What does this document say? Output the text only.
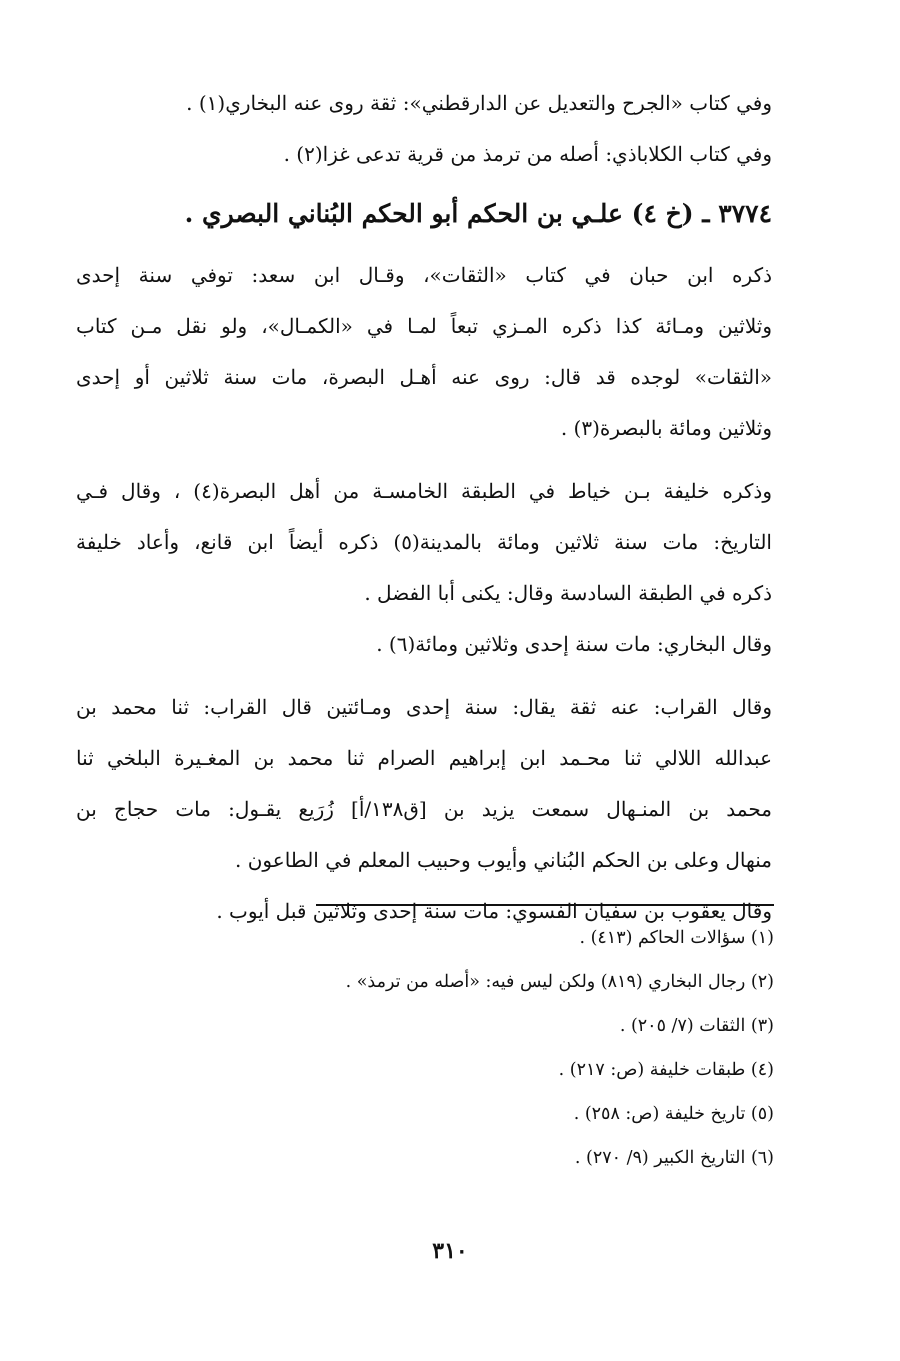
وفي كتاب «الجرح والتعديل عن الدارقطني»: ثقة روى عنه البخاري(١) .
وفي كتاب الكلاباذي: أصله من ترمذ من قرية تدعى غزا(٢) .
٣٧٧٤ ـ (خ ٤) علـي بن الحكم أبو الحكم البُناني البصري .
ذكره ابن حبان في كتاب «الثقات»، وقـال ابن سعد: توفي سنة إحدى
وثلاثين ومـائة كذا ذكره المـزي تبعاً لمـا في «الكمـال»، ولو نقل مـن كتاب
«الثقات» لوجده قد قال: روى عنه أهـل البصرة، مات سنة ثلاثين أو إحدى
وثلاثين ومائة بالبصرة(٣) .
وذكره خليفة بـن خياط في الطبقة الخامسـة من أهل البصرة(٤) ، وقال فـي
التاريخ: مات سنة ثلاثين ومائة بالمدينة(٥) ذكره أيضاً ابن قانع، وأعاد خليفة
ذكره في الطبقة السادسة وقال: يكنى أبا الفضل .
وقال البخاري: مات سنة إحدى وثلاثين ومائة(٦) .
وقال القراب: عنه ثقة يقال: سنة إحدى ومـائتين قال القراب: ثنا محمد بن
عبدالله اللالي ثنا محـمد ابن إبراهيم الصرام ثنا محمد بن المغـيرة البلخي ثنا
محمد بن المنـهال سمعت يزيد بن [ق١٣٨/أ] زُرَيع يقـول: مات حجاج بن
منهال وعلى بن الحكم البُناني وأيوب وحبيب المعلم في الطاعون .
وقال يعقوب بن سفيان الفسوي: مات سنة إحدى وثلاثين قبل أيوب .
(١) سؤالات الحاكم (٤١٣) .
(٢) رجال البخاري (٨١٩) ولكن ليس فيه: «أصله من ترمذ» .
(٣) الثقات (٧/ ٢٠٥) .
(٤) طبقات خليفة (ص: ٢١٧) .
(٥) تاريخ خليفة (ص: ٢٥٨) .
(٦) التاريخ الكبير (٩/ ٢٧٠) .
٣١٠
